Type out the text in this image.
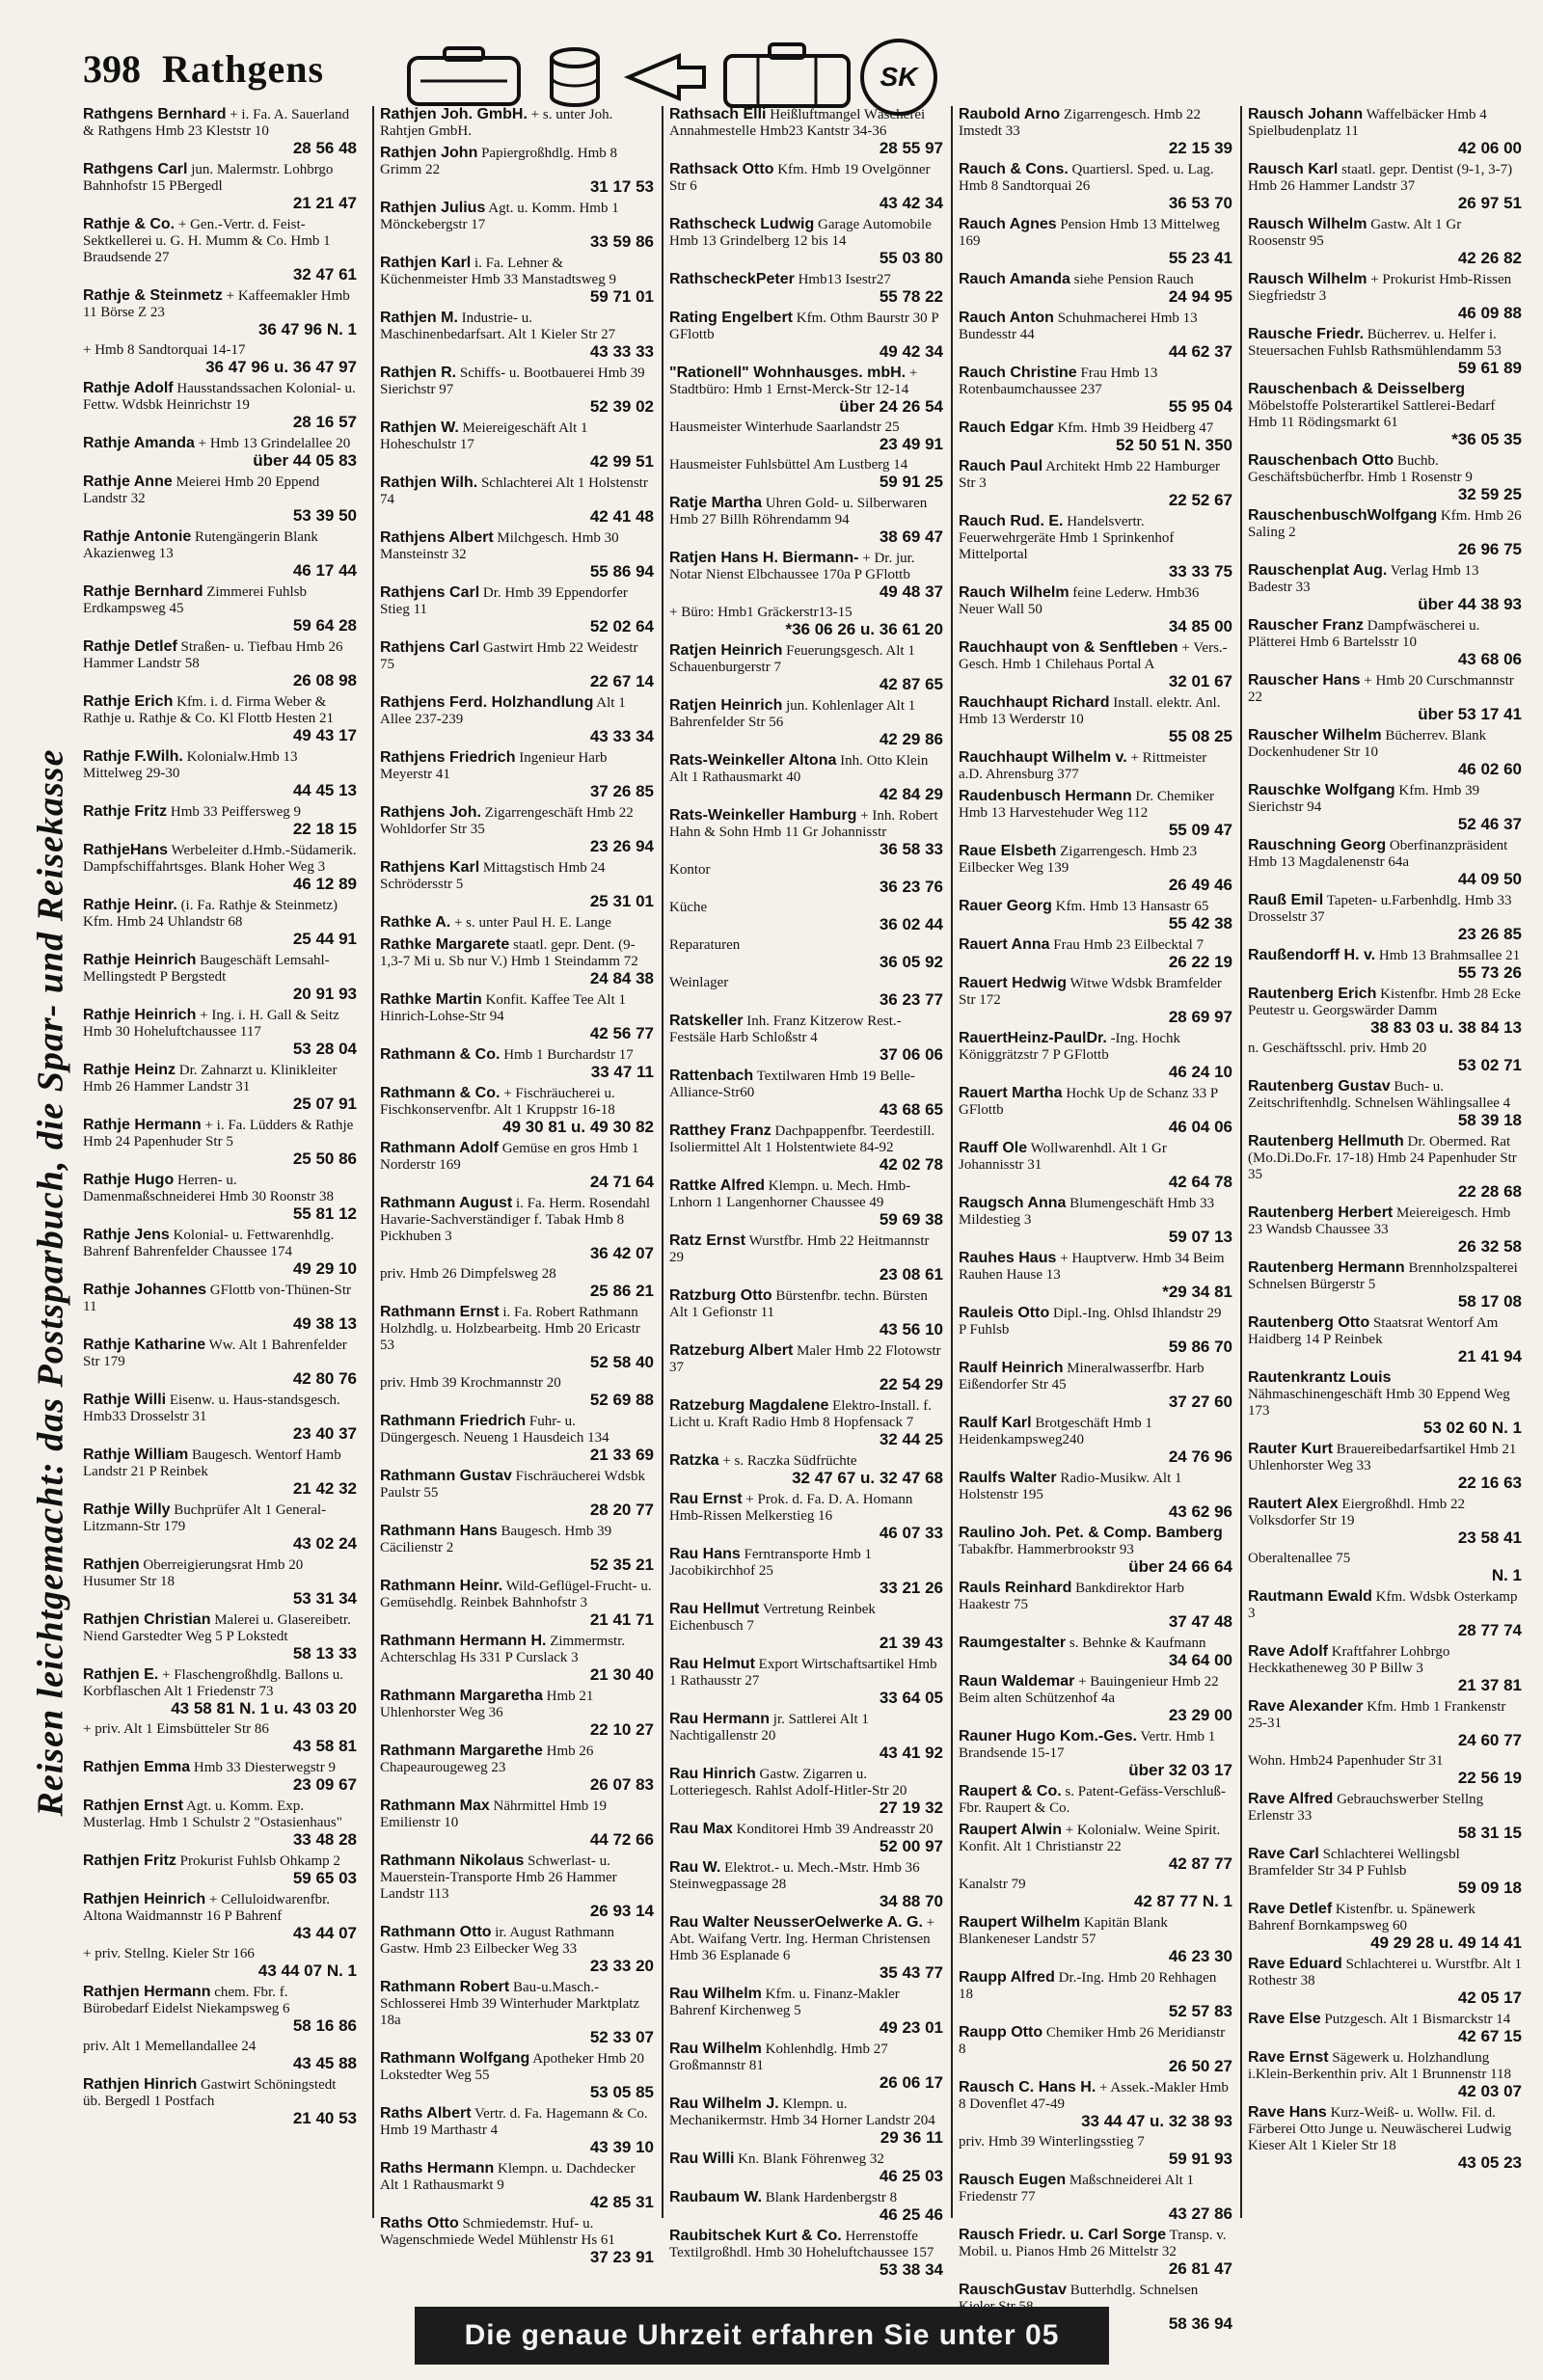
398 Rathgens	SK
Reisen leichtgemacht: das Postsparbuch, die Spar- und Reisekasse
Rathgens Bernhard + i. Fa. A. Sauerland & Rathgens Hmb 23 Kleststr 10
28 56 48
Rathgens Carl jun. Malermstr. Lohbrgo Bahnhofstr 15 PBergedl
21 21 47
Rathje & Co. + Gen.-Vertr. d. Feist-Sektkellerei u. G. H. Mumm & Co. Hmb 1 Braudsende 27
32 47 61
Rathje & Steinmetz + Kaffeemakler Hmb 11 Börse Z 23
36 47 96 N. 1
+ Hmb 8 Sandtorquai 14-17
36 47 96 u. 36 47 97
Rathje Adolf Hausstandssachen Kolonial- u. Fettw. Wdsbk Heinrichstr 19
28 16 57
Rathje Amanda + Hmb 13 Grindelallee 20
über 44 05 83
Rathje Anne Meierei Hmb 20 Eppend Landstr 32
53 39 50
Rathje Antonie Rutengängerin Blank Akazienweg 13
46 17 44
Rathje Bernhard Zimmerei Fuhlsb Erdkampsweg 45
59 64 28
Rathje Detlef Straßen- u. Tiefbau Hmb 26 Hammer Landstr 58
26 08 98
Rathje Erich Kfm. i. d. Firma Weber & Rathje u. Rathje & Co. Kl Flottb Hesten 21
49 43 17
Rathje F.Wilh. Kolonialw.Hmb 13 Mittelweg 29-30
44 45 13
Rathje Fritz Hmb 33 Peiffersweg 9
22 18 15
RathjeHans Werbeleiter d.Hmb.-Südamerik. Dampfschiffahrtsges. Blank Hoher Weg 3
46 12 89
Rathje Heinr. (i. Fa. Rathje & Steinmetz) Kfm. Hmb 24 Uhlandstr 68
25 44 91
Rathje Heinrich Baugeschäft Lemsahl-Mellingstedt P Bergstedt
20 91 93
Rathje Heinrich + Ing. i. H. Gall & Seitz Hmb 30 Hoheluftchaussee 117
53 28 04
Rathje Heinz Dr. Zahnarzt u. Klinikleiter Hmb 26 Hammer Landstr 31
25 07 91
Rathje Hermann + i. Fa. Lüdders & Rathje Hmb 24 Papenhuder Str 5
25 50 86
Rathje Hugo Herren- u. Damenmaßschneiderei Hmb 30 Roonstr 38
55 81 12
Rathje Jens Kolonial- u. Fettwarenhdlg. Bahrenf Bahrenfelder Chaussee 174
49 29 10
Rathje Johannes GFlottb von-Thünen-Str 11
49 38 13
Rathje Katharine Ww. Alt 1 Bahrenfelder Str 179
42 80 76
Rathje Willi Eisenw. u. Haus-standsgesch. Hmb33 Drosselstr 31
23 40 37
Rathje William Baugesch. Wentorf Hamb Landstr 21 P Reinbek
21 42 32
Rathje Willy Buchprüfer Alt 1 General-Litzmann-Str 179
43 02 24
Rathjen Oberreigierungsrat Hmb 20 Husumer Str 18
53 31 34
Rathjen Christian Malerei u. Glasereibetr. Niend Garstedter Weg 5 P Lokstedt
58 13 33
Rathjen E. + Flaschengroßhdlg. Ballons u. Korbflaschen Alt 1 Friedenstr 73
43 58 81 N. 1 u. 43 03 20
+ priv. Alt 1 Eimsbütteler Str 86
43 58 81
Rathjen Emma Hmb 33 Diesterwegstr 9
23 09 67
Rathjen Ernst Agt. u. Komm. Exp. Musterlag. Hmb 1 Schulstr 2 "Ostasienhaus"
33 48 28
Rathjen Fritz Prokurist Fuhlsb Ohkamp 2
59 65 03
Rathjen Heinrich + Celluloidwarenfbr. Altona Waidmannstr 16 P Bahrenf
43 44 07
+ priv. Stellng. Kieler Str 166
43 44 07 N. 1
Rathjen Hermann chem. Fbr. f. Bürobedarf Eidelst Niekampsweg 6
58 16 86
priv. Alt 1 Memellandallee 24
43 45 88
Rathjen Hinrich Gastwirt Schöningstedt üb. Bergedl 1 Postfach
21 40 53
Rathjen Joh. GmbH. + s. unter Joh. Rahtjen GmbH.
Rathjen John Papiergroßhdlg. Hmb 8 Grimm 22
31 17 53
Rathjen Julius Agt. u. Komm. Hmb 1 Mönckebergstr 17
33 59 86
Rathjen Karl i. Fa. Lehner & Küchenmeister Hmb 33 Manstadtsweg 9
59 71 01
Rathjen M. Industrie- u. Maschinenbedarfsart. Alt 1 Kieler Str 27
43 33 33
Rathjen R. Schiffs- u. Bootbauerei Hmb 39 Sierichstr 97
52 39 02
Rathjen W. Meiereigeschäft Alt 1 Hoheschulstr 17
42 99 51
Rathjen Wilh. Schlachterei Alt 1 Holstenstr 74
42 41 48
Rathjens Albert Milchgesch. Hmb 30 Mansteinstr 32
55 86 94
Rathjens Carl Dr. Hmb 39 Eppendorfer Stieg 11
52 02 64
Rathjens Carl Gastwirt Hmb 22 Weidestr 75
22 67 14
Rathjens Ferd. Holzhandlung Alt 1 Allee 237-239
43 33 34
Rathjens Friedrich Ingenieur Harb Meyerstr 41
37 26 85
Rathjens Joh. Zigarrengeschäft Hmb 22 Wohldorfer Str 35
23 26 94
Rathjens Karl Mittagstisch Hmb 24 Schrödersstr 5
25 31 01
Rathke A. + s. unter Paul H. E. Lange
Rathke Margarete staatl. gepr. Dent. (9-1,3-7 Mi u. Sb nur V.) Hmb 1 Steindamm 72
24 84 38
Rathke Martin Konfit. Kaffee Tee Alt 1 Hinrich-Lohse-Str 94
42 56 77
Rathmann & Co. Hmb 1 Burchardstr 17
33 47 11
Rathmann & Co. + Fischräucherei u. Fischkonservenfbr. Alt 1 Kruppstr 16-18
49 30 81 u. 49 30 82
Rathmann Adolf Gemüse en gros Hmb 1 Norderstr 169
24 71 64
Rathmann August i. Fa. Herm. Rosendahl Havarie-Sachverständiger f. Tabak Hmb 8 Pickhuben 3
36 42 07
priv. Hmb 26 Dimpfelsweg 28
25 86 21
Rathmann Ernst i. Fa. Robert Rathmann Holzhdlg. u. Holzbearbeitg. Hmb 20 Ericastr 53
52 58 40
priv. Hmb 39 Krochmannstr 20
52 69 88
Rathmann Friedrich Fuhr- u. Düngergesch. Neueng 1 Hausdeich 134
21 33 69
Rathmann Gustav Fischräucherei Wdsbk Paulstr 55
28 20 77
Rathmann Hans Baugesch. Hmb 39 Cäcilienstr 2
52 35 21
Rathmann Heinr. Wild-Geflügel-Frucht- u. Gemüsehdlg. Reinbek Bahnhofstr 3
21 41 71
Rathmann Hermann H. Zimmermstr. Achterschlag Hs 331 P Curslack 3
21 30 40
Rathmann Margaretha Hmb 21 Uhlenhorster Weg 36
22 10 27
Rathmann Margarethe Hmb 26 Chapeaurougeweg 23
26 07 83
Rathmann Max Nährmittel Hmb 19 Emilienstr 10
44 72 66
Rathmann Nikolaus Schwerlast- u. Mauerstein-Transporte Hmb 26 Hammer Landstr 113
26 93 14
Rathmann Otto ir. August Rathmann Gastw. Hmb 23 Eilbecker Weg 33
23 33 20
Rathmann Robert Bau-u.Masch.-Schlosserei Hmb 39 Winterhuder Marktplatz 18a
52 33 07
Rathmann Wolfgang Apotheker Hmb 20 Lokstedter Weg 55
53 05 85
Raths Albert Vertr. d. Fa. Hagemann & Co. Hmb 19 Marthastr 4
43 39 10
Raths Hermann Klempn. u. Dachdecker Alt 1 Rathausmarkt 9
42 85 31
Raths Otto Schmiedemstr. Huf- u. Wagenschmiede Wedel Mühlenstr Hs 61
37 23 91
Rathsach Elli Heißluftmangel Wäscherei Annahmestelle Hmb23 Kantstr 34-36
28 55 97
Rathsack Otto Kfm. Hmb 19 Ovelgönner Str 6
43 42 34
Rathscheck Ludwig Garage Automobile Hmb 13 Grindelberg 12 bis 14
55 03 80
RathscheckPeter Hmb13 Isestr27
55 78 22
Rating Engelbert Kfm. Othm Baurstr 30 P GFlottb
49 42 34
"Rationell" Wohnhausges. mbH. + Stadtbüro: Hmb 1 Ernst-Merck-Str 12-14
über 24 26 54
Hausmeister Winterhude Saarlandstr 25
23 49 91
Hausmeister Fuhlsbüttel Am Lustberg 14
59 91 25
Ratje Martha Uhren Gold- u. Silberwaren Hmb 27 Billh Röhrendamm 94
38 69 47
Ratjen Hans H. Biermann- + Dr. jur. Notar Nienst Elbchaussee 170a P GFlottb
49 48 37
+ Büro: Hmb1 Gräckerstr13-15
*36 06 26 u. 36 61 20
Ratjen Heinrich Feuerungsgesch. Alt 1 Schauenburgerstr 7
42 87 65
Ratjen Heinrich jun. Kohlenlager Alt 1 Bahrenfelder Str 56
42 29 86
Rats-Weinkeller Altona Inh. Otto Klein Alt 1 Rathausmarkt 40
42 84 29
Rats-Weinkeller Hamburg + Inh. Robert Hahn & Sohn Hmb 11 Gr Johannisstr
36 58 33
Kontor
36 23 76
Küche
36 02 44
Reparaturen
36 05 92
Weinlager
36 23 77
Ratskeller Inh. Franz Kitzerow Rest.-Festsäle Harb Schloßstr 4
37 06 06
Rattenbach Textilwaren Hmb 19 Belle-Alliance-Str60
43 68 65
Ratthey Franz Dachpappenfbr. Teerdestill. Isoliermittel Alt 1 Holstentwiete 84-92
42 02 78
Rattke Alfred Klempn. u. Mech. Hmb-Lnhorn 1 Langenhorner Chaussee 49
59 69 38
Ratz Ernst Wurstfbr. Hmb 22 Heitmannstr 29
23 08 61
Ratzburg Otto Bürstenfbr. techn. Bürsten Alt 1 Gefionstr 11
43 56 10
Ratzeburg Albert Maler Hmb 22 Flotowstr 37
22 54 29
Ratzeburg Magdalene Elektro-Install. f. Licht u. Kraft Radio Hmb 8 Hopfensack 7
32 44 25
Ratzka + s. Raczka Südfrüchte
32 47 67 u. 32 47 68
Rau Ernst + Prok. d. Fa. D. A. Homann Hmb-Rissen Melkerstieg 16
46 07 33
Rau Hans Ferntransporte Hmb 1 Jacobikirchhof 25
33 21 26
Rau Hellmut Vertretung Reinbek Eichenbusch 7
21 39 43
Rau Helmut Export Wirtschaftsartikel Hmb 1 Rathausstr 27
33 64 05
Rau Hermann jr. Sattlerei Alt 1 Nachtigallenstr 20
43 41 92
Rau Hinrich Gastw. Zigarren u. Lotteriegesch. Rahlst Adolf-Hitler-Str 20
27 19 32
Rau Max Konditorei Hmb 39 Andreasstr 20
52 00 97
Rau W. Elektrot.- u. Mech.-Mstr. Hmb 36 Steinwegpassage 28
34 88 70
Rau Walter NeusserOelwerke A. G. + Abt. Waifang Vertr. Ing. Herman Christensen Hmb 36 Esplanade 6
35 43 77
Rau Wilhelm Kfm. u. Finanz-Makler Bahrenf Kirchenweg 5
49 23 01
Rau Wilhelm Kohlenhdlg. Hmb 27 Großmannstr 81
26 06 17
Rau Wilhelm J. Klempn. u. Mechanikermstr. Hmb 34 Horner Landstr 204
29 36 11
Rau Willi Kn. Blank Föhrenweg 32
46 25 03
Raubaum W. Blank Hardenbergstr 8
46 25 46
Raubitschek Kurt & Co. Herrenstoffe Textilgroßhdl. Hmb 30 Hoheluftchaussee 157
53 38 34
Raubold Arno Zigarrengesch. Hmb 22 Imstedt 33
22 15 39
Rauch & Cons. Quartiersl. Sped. u. Lag. Hmb 8 Sandtorquai 26
36 53 70
Rauch Agnes Pension Hmb 13 Mittelweg 169
55 23 41
Rauch Amanda siehe Pension Rauch
24 94 95
Rauch Anton Schuhmacherei Hmb 13 Bundesstr 44
44 62 37
Rauch Christine Frau Hmb 13 Rotenbaumchaussee 237
55 95 04
Rauch Edgar Kfm. Hmb 39 Heidberg 47
52 50 51 N. 350
Rauch Paul Architekt Hmb 22 Hamburger Str 3
22 52 67
Rauch Rud. E. Handelsvertr. Feuerwehrgeräte Hmb 1 Sprinkenhof Mittelportal
33 33 75
Rauch Wilhelm feine Lederw. Hmb36 Neuer Wall 50
34 85 00
Rauchhaupt von & Senftleben + Vers.-Gesch. Hmb 1 Chilehaus Portal A
32 01 67
Rauchhaupt Richard Install. elektr. Anl. Hmb 13 Werderstr 10
55 08 25
Rauchhaupt Wilhelm v. + Rittmeister a.D. Ahrensburg 377
Raudenbusch Hermann Dr. Chemiker Hmb 13 Harvestehuder Weg 112
55 09 47
Raue Elsbeth Zigarrengesch. Hmb 23 Eilbecker Weg 139
26 49 46
Rauer Georg Kfm. Hmb 13 Hansastr 65
55 42 38
Rauert Anna Frau Hmb 23 Eilbecktal 7
26 22 19
Rauert Hedwig Witwe Wdsbk Bramfelder Str 172
28 69 97
RauertHeinz-PaulDr. -Ing. Hochk Königgrätzstr 7 P GFlottb
46 24 10
Rauert Martha Hochk Up de Schanz 33 P GFlottb
46 04 06
Rauff Ole Wollwarenhdl. Alt 1 Gr Johannisstr 31
42 64 78
Raugsch Anna Blumengeschäft Hmb 33 Mildestieg 3
59 07 13
Rauhes Haus + Hauptverw. Hmb 34 Beim Rauhen Hause 13
*29 34 81
Rauleis Otto Dipl.-Ing. Ohlsd Ihlandstr 29 P Fuhlsb
59 86 70
Raulf Heinrich Mineralwasserfbr. Harb Eißendorfer Str 45
37 27 60
Raulf Karl Brotgeschäft Hmb 1 Heidenkampsweg240
24 76 96
Raulfs Walter Radio-Musikw. Alt 1 Holstenstr 195
43 62 96
Raulino Joh. Pet. & Comp. Bamberg Tabakfbr. Hammerbrookstr 93
über 24 66 64
Rauls Reinhard Bankdirektor Harb Haakestr 75
37 47 48
Raumgestalter s. Behnke & Kaufmann
34 64 00
Raun Waldemar + Bauingenieur Hmb 22 Beim alten Schützenhof 4a
23 29 00
Rauner Hugo Kom.-Ges. Vertr. Hmb 1 Brandsende 15-17
über 32 03 17
Raupert & Co. s. Patent-Gefäss-Verschluß-Fbr. Raupert & Co.
Raupert Alwin + Kolonialw. Weine Spirit. Konfit. Alt 1 Christianstr 22
42 87 77
Kanalstr 79
42 87 77 N. 1
Raupert Wilhelm Kapitän Blank Blankeneser Landstr 57
46 23 30
Raupp Alfred Dr.-Ing. Hmb 20 Rehhagen 18
52 57 83
Raupp Otto Chemiker Hmb 26 Meridianstr 8
26 50 27
Rausch C. Hans H. + Assek.-Makler Hmb 8 Dovenflet 47-49
33 44 47 u. 32 38 93
priv. Hmb 39 Winterlingsstieg 7
59 91 93
Rausch Eugen Maßschneiderei Alt 1 Friedenstr 77
43 27 86
Rausch Friedr. u. Carl Sorge Transp. v. Mobil. u. Pianos Hmb 26 Mittelstr 32
26 81 47
RauschGustav Butterhdlg. Schnelsen
58 36 94
Rausch Johann Waffelbäcker Hmb 4 Spielbudenplatz 11
42 06 00
Rausch Karl staatl. gepr. Dentist (9-1, 3-7) Hmb 26 Hammer Landstr 37
26 97 51
Rausch Wilhelm Gastw. Alt 1 Gr Roosenstr 95
42 26 82
Rausch Wilhelm + Prokurist Hmb-Rissen Siegfriedstr 3
46 09 88
Rausche Friedr. Bücherrev. u. Helfer i. Steuersachen Fuhlsb Rathsmühlendamm 53
59 61 89
Rauschenbach & Deisselberg Möbelstoffe Polsterartikel Sattlerei-Bedarf Hmb 11 Rödingsmarkt 61
*36 05 35
Rauschenbach Otto Buchb. Geschäftsbücherfbr. Hmb 1 Rosenstr 9
32 59 25
RauschenbuschWolfgang Kfm. Hmb 26 Saling 2
26 96 75
Rauschenplat Aug. Verlag Hmb 13 Badestr 33
über 44 38 93
Rauscher Franz Dampfwäscherei u. Plätterei Hmb 6 Bartelsstr 10
43 68 06
Rauscher Hans + Hmb 20 Curschmannstr 22
über 53 17 41
Rauscher Wilhelm Bücherrev. Blank Dockenhudener Str 10
46 02 60
Rauschke Wolfgang Kfm. Hmb 39 Sierichstr 94
52 46 37
Rauschning Georg Oberfinanzpräsident Hmb 13 Magdalenenstr 64a
44 09 50
Rauß Emil Tapeten- u.Farbenhdlg. Hmb 33 Drosselstr 37
23 26 85
Raußendorff H. v. Hmb 13 Brahmsallee 21
55 73 26
Rautenberg Erich Kistenfbr. Hmb 28 Ecke Peutestr u. Georgswärder Damm
38 83 03 u. 38 84 13
n. Geschäftsschl. priv. Hmb 20
53 02 71
Rautenberg Gustav Buch- u. Zeitschriftenhdlg. Schnelsen Wählingsallee 4
58 39 18
Rautenberg Hellmuth Dr. Obermed. Rat (Mo.Di.Do.Fr. 17-18) Hmb 24 Papenhuder Str 35
22 28 68
Rautenberg Herbert Meiereigesch. Hmb 23 Wandsb Chaussee 33
26 32 58
Rautenberg Hermann Brennholzspalterei Schnelsen Bürgerstr 5
58 17 08
Rautenberg Otto Staatsrat Wentorf Am Haidberg 14 P Reinbek
21 41 94
Rautenkrantz Louis Nähmaschinengeschäft Hmb 30 Eppend Weg 173
53 02 60 N. 1
Rauter Kurt Brauereibedarfsartikel Hmb 21 Uhlenhorster Weg 33
22 16 63
Rautert Alex Eiergroßhdl. Hmb 22 Volksdorfer Str 19
23 58 41
Oberaltenallee 75
N. 1
Rautmann Ewald Kfm. Wdsbk Osterkamp 3
28 77 74
Rave Adolf Kraftfahrer Lohbrgo Heckkatheneweg 30 P Billw 3
21 37 81
Rave Alexander Kfm. Hmb 1 Frankenstr 25-31
24 60 77
Wohn. Hmb24 Papenhuder Str 31
22 56 19
Rave Alfred Gebrauchswerber Stellng Erlenstr 33
58 31 15
Rave Carl Schlachterei Wellingsbl Bramfelder Str 34 P Fuhlsb
59 09 18
Rave Detlef Kistenfbr. u. Spänewerk Bahrenf Bornkampsweg 60
49 29 28 u. 49 14 41
Rave Eduard Schlachterei u. Wurstfbr. Alt 1 Rothestr 38
42 05 17
Rave Else Putzgesch. Alt 1 Bismarckstr 14
42 67 15
Rave Ernst Sägewerk u. Holzhandlung i.Klein-Berkenthin priv. Alt 1 Brunnenstr 118
42 03 07
Rave Hans Kurz-Weiß- u. Wollw. Fil. d. Färberei Otto Junge u. Neuwäscherei Ludwig Kieser Alt 1 Kieler Str 18
43 05 23
Die genaue Uhrzeit erfahren Sie unter 05
